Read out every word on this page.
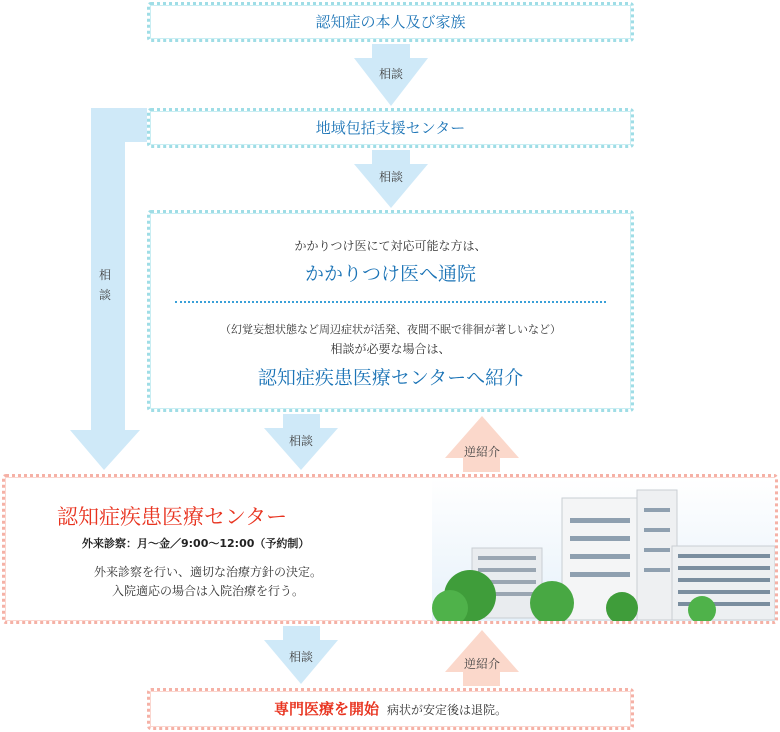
相談
相談
相
談
相談
逆紹介
相談	逆紹介
認知症の本人及び家族
地域包括支援センター
かかりつけ医にて対応可能な方は、
かかりつけ医へ通院
（幻覚妄想状態など周辺症状が活発、夜間不眠で徘徊が著しいなど）
相談が必要な場合は、
認知症疾患医療センターへ紹介
認知症疾患医療センター
外来診察：月～金／9:00～12:00（予約制）
外来診察を行い、適切な治療方針の決定。
入院適応の場合は入院治療を行う。
専門医療を開始 病状が安定後は退院。
